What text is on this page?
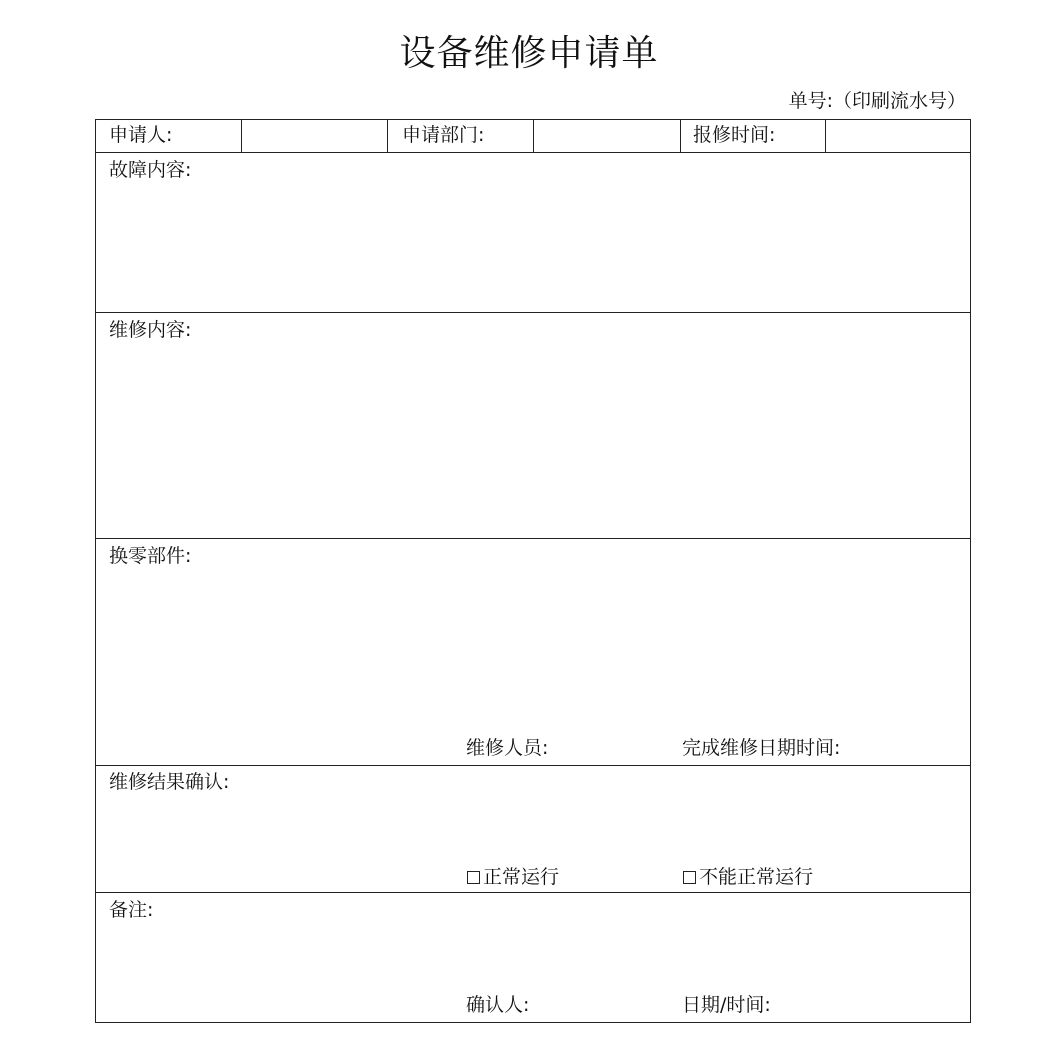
设备维修申请单
单号:（印刷流水号）
申请人:	申请部门:	报修时间:
故障内容:
维修内容:
换零部件:
维修人员:	完成维修日期时间:
维修结果确认:
正常运行	不能正常运行
备注:
确认人:	日期/时间:
